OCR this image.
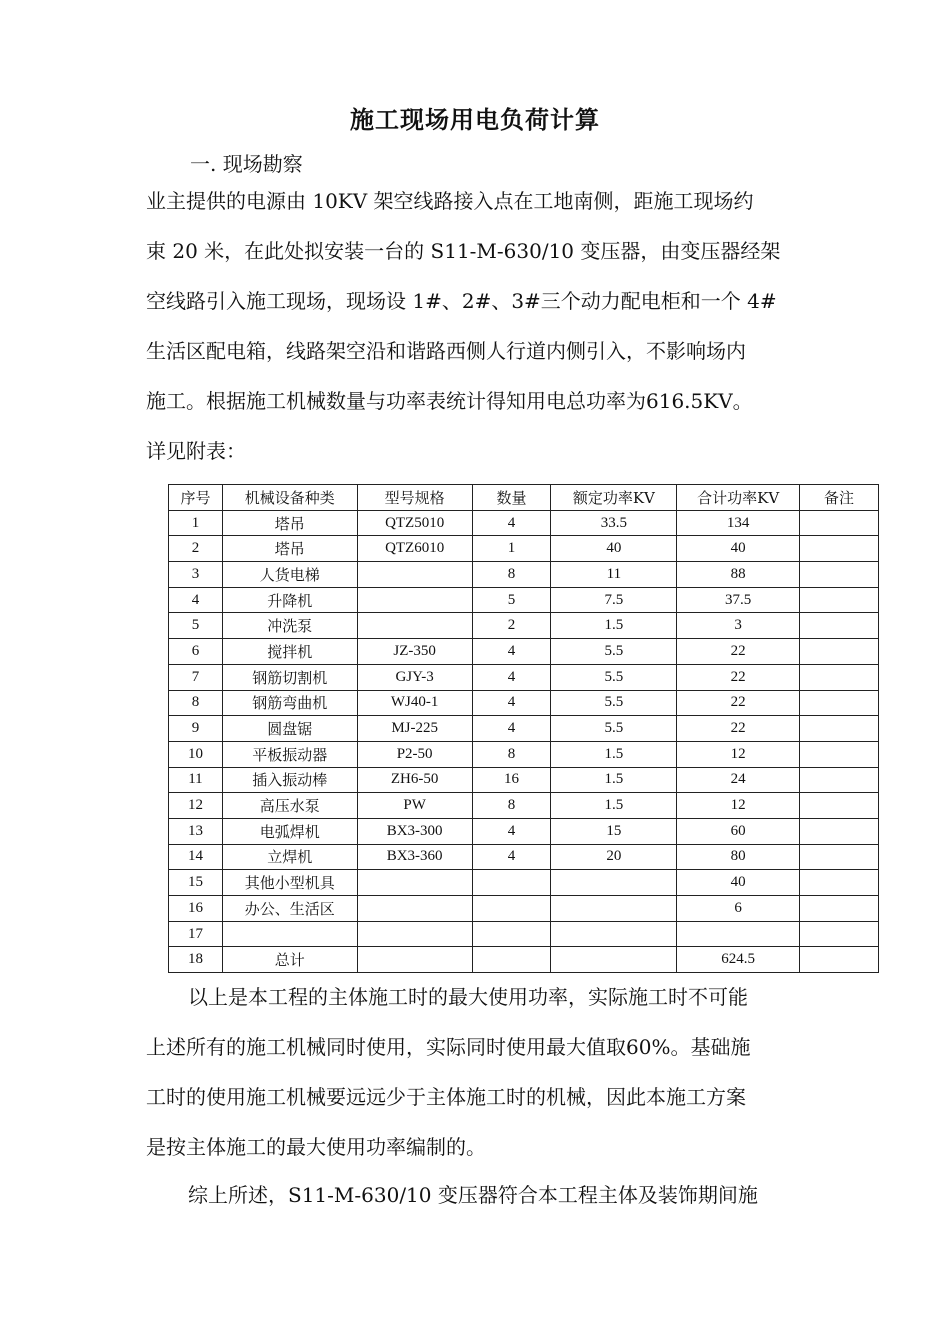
施工现场用电负荷计算
一. 现场勘察
业主提供的电源由 10KV 架空线路接入点在工地南侧，距施工现场约
束 20 米，在此处拟安装一台的 S11-M-630/10 变压器，由变压器经架
空线路引入施工现场，现场设 1#、2#、3#三个动力配电柜和一个 4#
生活区配电箱，线路架空沿和谐路西侧人行道内侧引入，不影响场内
施工。根据施工机械数量与功率表统计得知用电总功率为616.5KV。
详见附表：
序号	机械设备种类	型号规格	数量	额定功率KV	合计功率KV	备注
1	塔吊	QTZ5010	4	33.5	134	
2	塔吊	QTZ6010	1	40	40	
3	人货电梯		8	11	88	
4	升降机		5	7.5	37.5	
5	冲洗泵		2	1.5	3	
6	搅拌机	JZ-350	4	5.5	22	
7	钢筋切割机	GJY-3	4	5.5	22	
8	钢筋弯曲机	WJ40-1	4	5.5	22	
9	圆盘锯	MJ-225	4	5.5	22	
10	平板振动器	P2-50	8	1.5	12	
11	插入振动棒	ZH6-50	16	1.5	24	
12	高压水泵	PW	8	1.5	12	
13	电弧焊机	BX3-300	4	15	60	
14	立焊机	BX3-360	4	20	80	
15	其他小型机具				40	
16	办公、生活区				6	
17						
18	总计				624.5	
以上是本工程的主体施工时的最大使用功率，实际施工时不可能
上述所有的施工机械同时使用，实际同时使用最大值取60%。基础施
工时的使用施工机械要远远少于主体施工时的机械，因此本施工方案
是按主体施工的最大使用功率编制的。
综上所述，S11-M-630/10 变压器符合本工程主体及装饰期间施
